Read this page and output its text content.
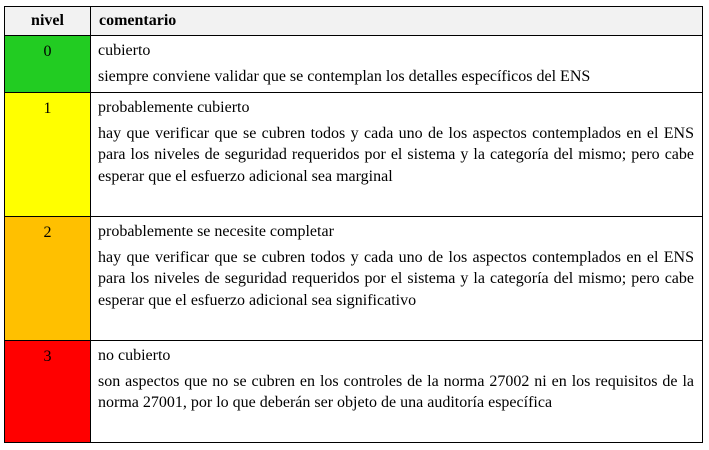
nivel	comentario
0	cubierto
siempre conviene validar que se contemplan los detalles específicos del ENS

1	probablemente cubierto
hay que verificar que se cubren todos y cada uno de los aspectos contemplados en el ENS para los niveles de seguridad requeridos por el sistema y la categoría del mismo; pero cabe esperar que el esfuerzo adicional sea marginal

2	probablemente se necesite completar
hay que verificar que se cubren todos y cada uno de los aspectos contemplados en el ENS para los niveles de seguridad requeridos por el sistema y la categoría del mismo; pero cabe esperar que el esfuerzo adicional sea significativo

3	no cubierto
son aspectos que no se cubren en los controles de la norma 27002 ni en los requisitos de la norma 27001, por lo que deberán ser objeto de una auditoría específica
